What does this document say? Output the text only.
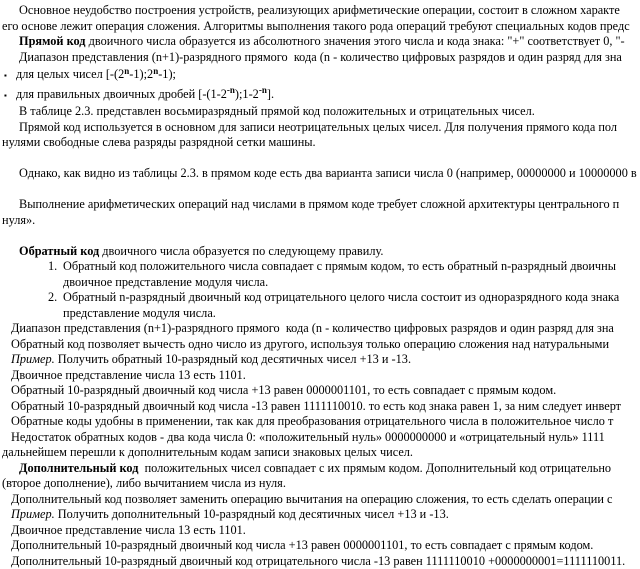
Основное неудобство построения устройств, реализующих арифметические операции, состоит в сложном характе
его основе лежит операция сложения. Алгоритмы выполнения такого рода операций требуют специальных кодов предс
Прямой код двоичного числа образуется из абсолютного значения этого числа и кода знака: "+" соответствует 0, "-
Диапазон представления (n+1)-разрядного прямого  кода (n - количество цифровых разрядов и один разряд для зна
▪ для целых чисел [-(2$^n$-1);2$^n$-1);
▪ для правильных двоичных дробей $[-(1-2^{-n});1-2^{-n}]$.
В таблице 2.3. представлен восьмиразрядный прямой код положительных и отрицательных чисел.
Прямой код используется в основном для записи неотрицательных целых чисел. Для получения прямого кода пол
нулями свободные слева разряды разрядной сетки машины.
Однако, как видно из таблицы 2.3. в прямом коде есть два варианта записи числа 0 (например, 00000000 и 10000000 в
Выполнение арифметических операций над числами в прямом коде требует сложной архитектуры центрального п
нуля».
Обратный код двоичного числа образуется по следующему правилу.
1. Обратный код положительного числа совпадает с прямым кодом, то есть обратный n-разрядный двоичны
двоичное представление модуля числа.
2. Обратный n-разрядный двоичный код отрицательного целого числа состоит из одноразрядного кода знака
представление модуля числа.
Диапазон представления (n+1)-разрядного прямого  кода (n - количество цифровых разрядов и один разряд для зна
Обратный код позволяет вычесть одно число из другого, используя только операцию сложения над натуральными
Пример. Получить обратный 10-разрядный код десятичных чисел +13 и -13.
Двоичное представление числа 13 есть 1101.
Обратный 10-разрядный двоичный код числа +13 равен 0000001101, то есть совпадает с прямым кодом.
Обратный 10-разрядный двоичный код числа -13 равен 1111110010. то есть код знака равен 1, за ним следует инверт
Обратные коды удобны в применении, так как для преобразования отрицательного числа в положительное число т
Недостаток обратных кодов - два кода числа 0: «положительный нуль» 0000000000 и «отрицательный нуль» 1111
дальнейшем перешли к дополнительным кодам записи знаковых целых чисел.
Дополнительный код  положительных чисел совпадает с их прямым кодом. Дополнительный код отрицательно
(второе дополнение), либо вычитанием числа из нуля.
Дополнительный код позволяет заменить операцию вычитания на операцию сложения, то есть сделать операции с
Пример. Получить дополнительный 10-разрядный код десятичных чисел +13 и -13.
Двоичное представление числа 13 есть 1101.
Дополнительный 10-разрядный двоичный код числа +13 равен 0000001101, то есть совпадает с прямым кодом.
Дополнительный 10-разрядный двоичный код отрицательного числа -13 равен 1111110010 +0000000001=1111110011.
